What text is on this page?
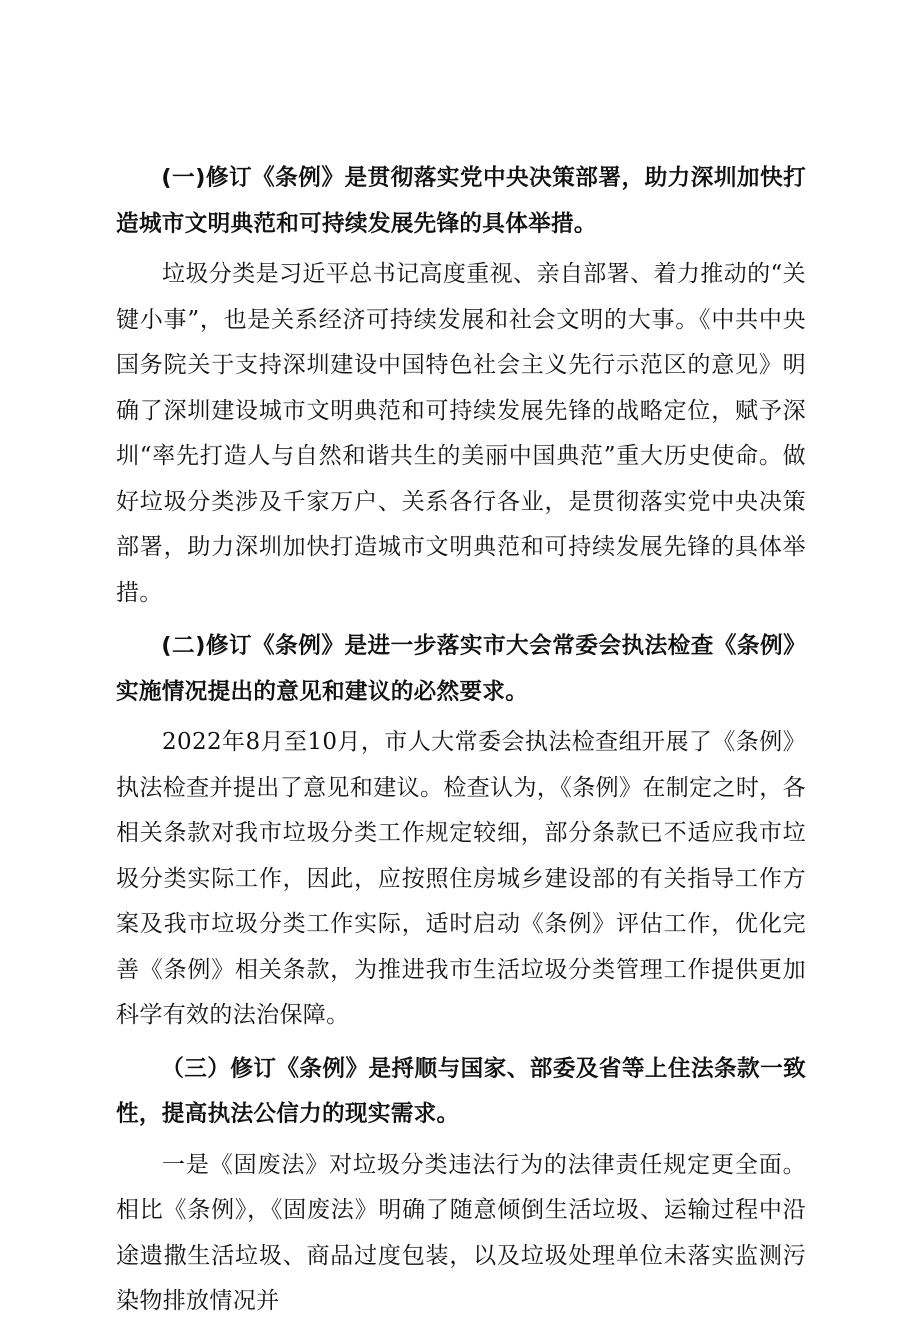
(一)修订《条例》是贯彻落实党中央决策部署，助力深圳加快打造城市文明典范和可持续发展先锋的具体举措。

垃圾分类是习近平总书记高度重视、亲自部署、着力推动的“关键小事”，也是关系经济可持续发展和社会文明的大事。《中共中央国务院关于支持深圳建设中国特色社会主义先行示范区的意见》明确了深圳建设城市文明典范和可持续发展先锋的战略定位，赋予深圳“率先打造人与自然和谐共生的美丽中国典范”重大历史使命。做好垃圾分类涉及千家万户、关系各行各业，是贯彻落实党中央决策部署，助力深圳加快打造城市文明典范和可持续发展先锋的具体举措。

(二)修订《条例》是进一步落实市大会常委会执法检查《条例》实施情况提出的意见和建议的必然要求。

2022年8月至10月，市人大常委会执法检查组开展了《条例》执法检查并提出了意见和建议。检查认为，《条例》在制定之时，各相关条款对我市垃圾分类工作规定较细，部分条款已不适应我市垃圾分类实际工作，因此，应按照住房城乡建设部的有关指导工作方案及我市垃圾分类工作实际，适时启动《条例》评估工作，优化完善《条例》相关条款，为推进我市生活垃圾分类管理工作提供更加科学有效的法治保障。

（三）修订《条例》是捋顺与国家、部委及省等上住法条款一致性，提高执法公信力的现实需求。

一是《固废法》对垃圾分类违法行为的法律责任规定更全面。相比《条例》，《固废法》明确了随意倾倒生活垃圾、运输过程中沿途遗撒生活垃圾、商品过度包装，以及垃圾处理单位未落实监测污染物排放情况并
